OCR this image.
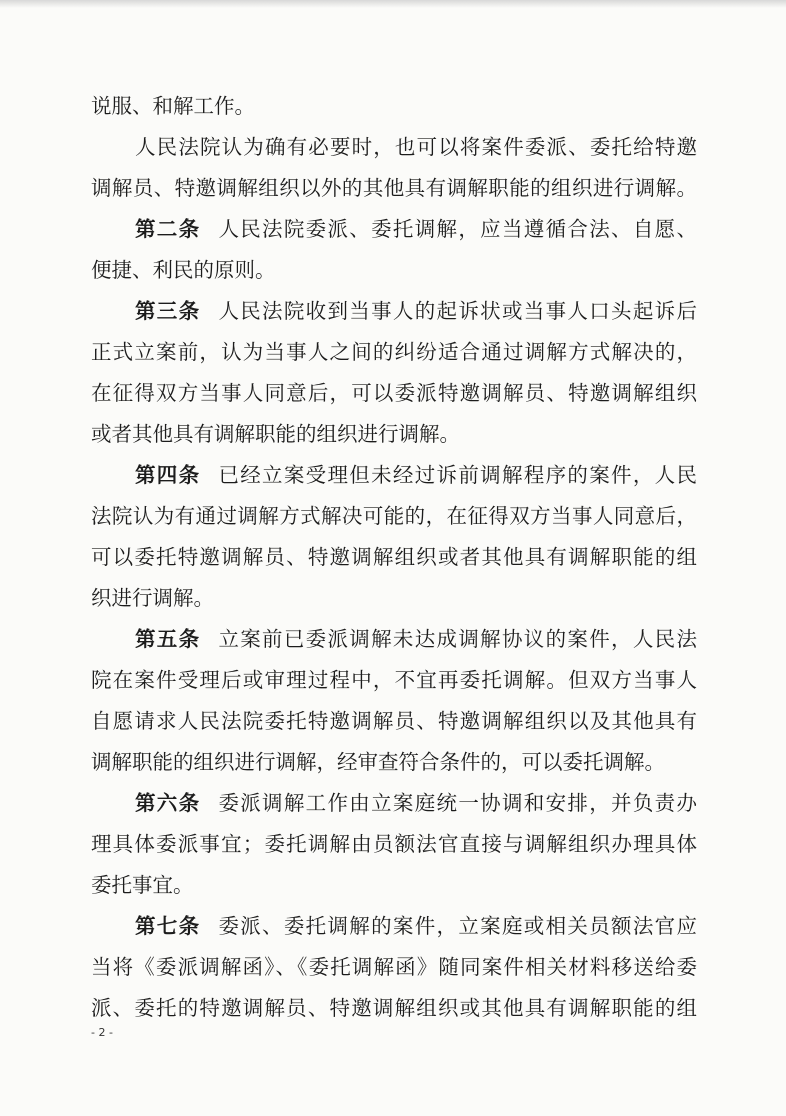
说服、和解工作。
人民法院认为确有必要时，也可以将案件委派、委托给特邀
调解员、特邀调解组织以外的其他具有调解职能的组织进行调解。
第二条 人民法院委派、委托调解，应当遵循合法、自愿、
便捷、利民的原则。
第三条 人民法院收到当事人的起诉状或当事人口头起诉后
正式立案前，认为当事人之间的纠纷适合通过调解方式解决的，
在征得双方当事人同意后，可以委派特邀调解员、特邀调解组织
或者其他具有调解职能的组织进行调解。
第四条 已经立案受理但未经过诉前调解程序的案件，人民
法院认为有通过调解方式解决可能的，在征得双方当事人同意后，
可以委托特邀调解员、特邀调解组织或者其他具有调解职能的组
织进行调解。
第五条 立案前已委派调解未达成调解协议的案件，人民法
院在案件受理后或审理过程中，不宜再委托调解。但双方当事人
自愿请求人民法院委托特邀调解员、特邀调解组织以及其他具有
调解职能的组织进行调解，经审查符合条件的，可以委托调解。
第六条 委派调解工作由立案庭统一协调和安排，并负责办
理具体委派事宜；委托调解由员额法官直接与调解组织办理具体
委托事宜。
第七条 委派、委托调解的案件，立案庭或相关员额法官应
当将《委派调解函》、《委托调解函》随同案件相关材料移送给委
派、委托的特邀调解员、特邀调解组织或其他具有调解职能的组
- 2 -
